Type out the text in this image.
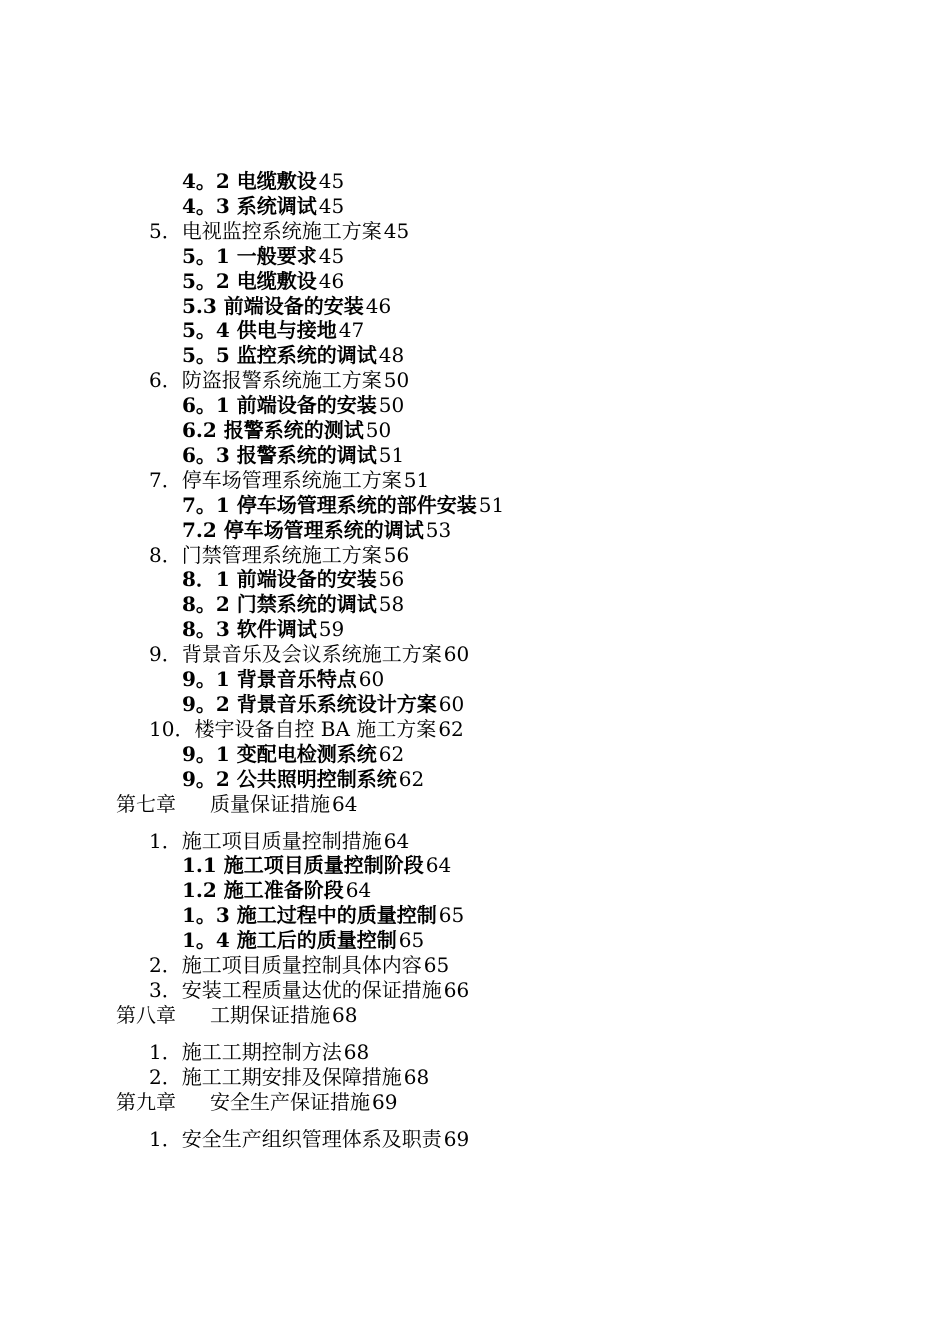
4。2 电缆敷设 45
4。3 系统调试 45
5．电视监控系统施工方案 45
5。1 一般要求 45
5。2 电缆敷设 46
5.3 前端设备的安装 46
5。4 供电与接地 47
5。5 监控系统的调试 48
6．防盗报警系统施工方案 50
6。1 前端设备的安装 50
6.2 报警系统的测试 50
6。3 报警系统的调试 51
7．停车场管理系统施工方案 51
7。1 停车场管理系统的部件安装 51
7.2 停车场管理系统的调试 53
8．门禁管理系统施工方案 56
8．1 前端设备的安装 56
8。2 门禁系统的调试 58
8。3 软件调试 59
9．背景音乐及会议系统施工方案 60
9。1 背景音乐特点 60
9。2 背景音乐系统设计方案 60
10．楼宇设备自控 BA 施工方案 62
9。1 变配电检测系统 62
9。2 公共照明控制系统 62
第七章 质量保证措施 64
1．施工项目质量控制措施 64
1.1 施工项目质量控制阶段 64
1.2 施工准备阶段 64
1。3 施工过程中的质量控制 65
1。4 施工后的质量控制 65
2．施工项目质量控制具体内容 65
3．安装工程质量达优的保证措施 66
第八章 工期保证措施 68
1．施工工期控制方法 68
2．施工工期安排及保障措施 68
第九章 安全生产保证措施 69
1．安全生产组织管理体系及职责 69
